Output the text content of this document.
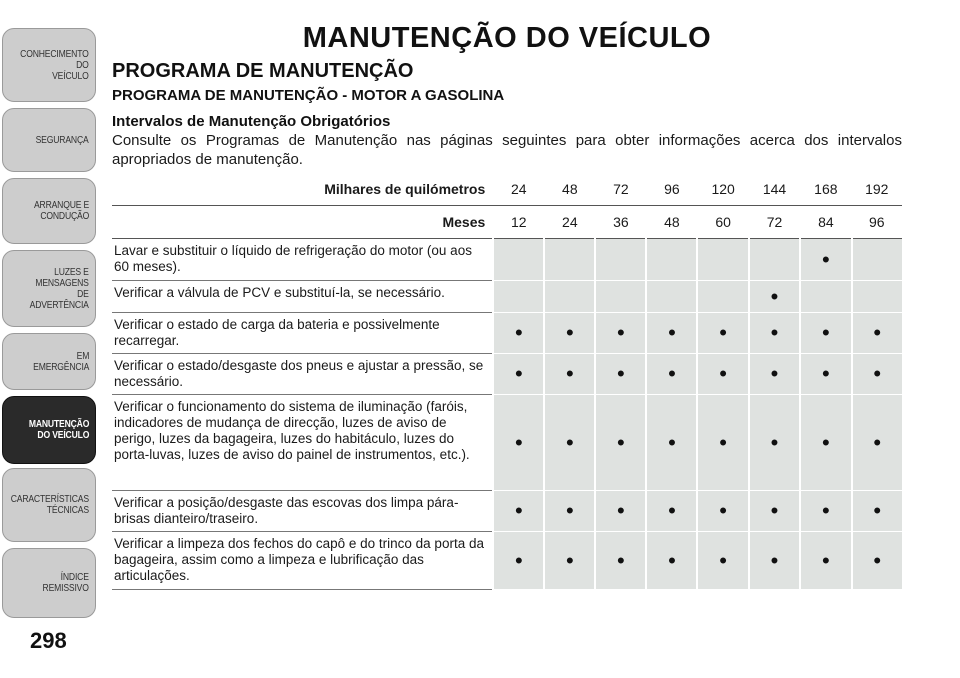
CONHECIMENTO
DO
VEÍCULO
SEGURANÇA
ARRANQUE E
CONDUÇÃO
LUZES E
MENSAGENS
DE
ADVERTÊNCIA
EM
EMERGÊNCIA
MANUTENÇÃO
DO VEÍCULO
CARACTERÍSTICAS
TÉCNICAS
ÍNDICE
REMISSIVO
298
MANUTENÇÃO DO VEÍCULO
PROGRAMA DE MANUTENÇÃO
PROGRAMA DE MANUTENÇÃO - MOTOR A GASOLINA
Intervalos de Manutenção Obrigatórios
Consulte os Programas de Manutenção nas páginas seguintes para obter informações acerca dos intervalos apropriados de manutenção.
Milhares de quilómetros	24	48	72	96	120	144	168	192
Meses	12	24	36	48	60	72	84	96
Lavar e substituir o líquido de refrigeração do motor (ou aos 60 meses).							•	
Verificar a válvula de PCV e substituí-la, se necessário.						•		
Verificar o estado de carga da bateria e possivelmente recarregar.	•	•	•	•	•	•	•	•
Verificar o estado/desgaste dos pneus e ajustar a pressão, se necessário.	•	•	•	•	•	•	•	•
Verificar o funcionamento do sistema de iluminação (faróis, indicadores de mudança de direcção, luzes de aviso de perigo, luzes da bagageira, luzes do habitáculo, luzes do porta-luvas, luzes de aviso do painel de instrumentos, etc.).	•	•	•	•	•	•	•	•
Verificar a posição/desgaste das escovas dos limpa pára-brisas dianteiro/traseiro.	•	•	•	•	•	•	•	•
Verificar a limpeza dos fechos do capô e do trinco da porta da bagageira, assim como a limpeza e lubrificação das articulações.	•	•	•	•	•	•	•	•
